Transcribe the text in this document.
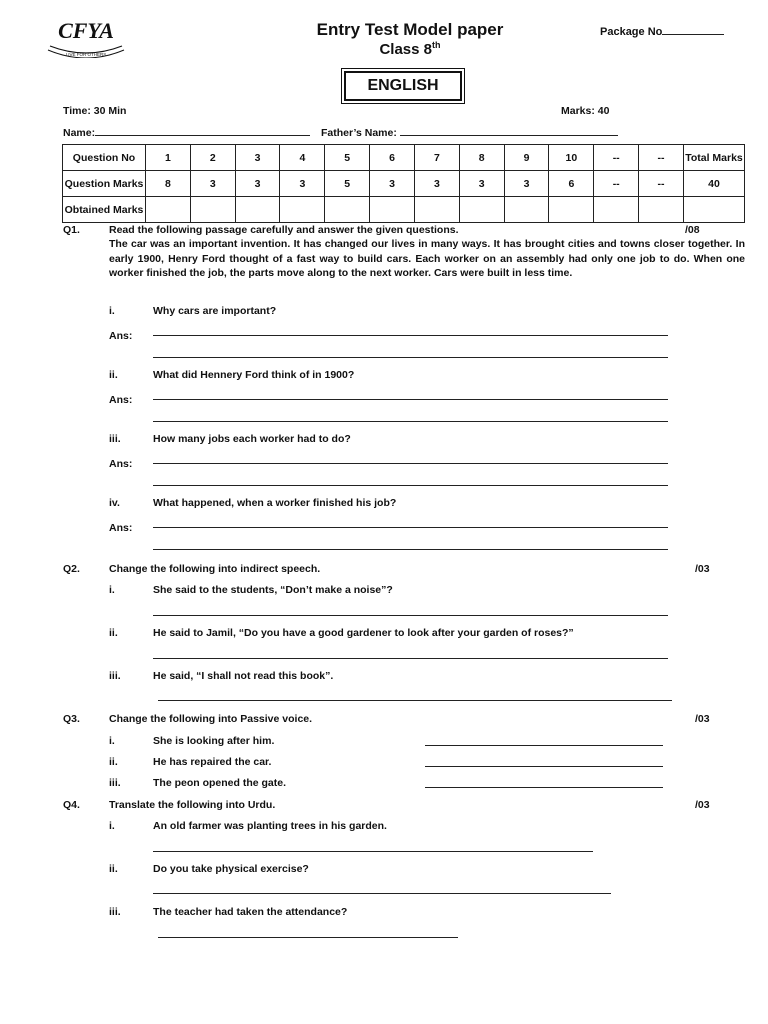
CFYA
LIVE FOR OTHERS
Entry Test Model paper
Class 8th
Package No
ENGLISH
Time: 30 Min	Marks: 40
Name:	Father’s Name:
Question No	1	2	3	4	5	6	7	8	9	10	--	--	Total Marks
Question Marks	8	3	3	3	5	3	3	3	3	6	--	--	40
Obtained Marks													
Q1.	Read the following passage carefully and answer the given questions.	/08
The car was an important invention. It has changed our lives in many ways. It has brought cities and towns closer together. In early 1900, Henry Ford thought of a fast way to build cars. Each worker on an assembly had only one job to do. When one worker finished the job, the parts move along to the next worker. Cars were built in less time.
i.	Why cars are important?
Ans:
ii.	What did Hennery Ford think of in 1900?
Ans:
iii.	How many jobs each worker had to do?
Ans:
iv.	What happened, when a worker finished his job?
Ans:
Q2.	Change the following into indirect speech.	/03
i.	She said to the students, “Don’t make a noise”?
ii.	He said to Jamil, “Do you have a good gardener to look after your garden of roses?”
iii.	He said, “I shall not read this book”.
Q3.	Change the following into Passive voice.	/03
i.	She is looking after him.
ii.	He has repaired the car.
iii.	The peon opened the gate.
Q4.	Translate the following into Urdu.	/03
i.	An old farmer was planting trees in his garden.
ii.	Do you take physical exercise?
iii.	The teacher had taken the attendance?
